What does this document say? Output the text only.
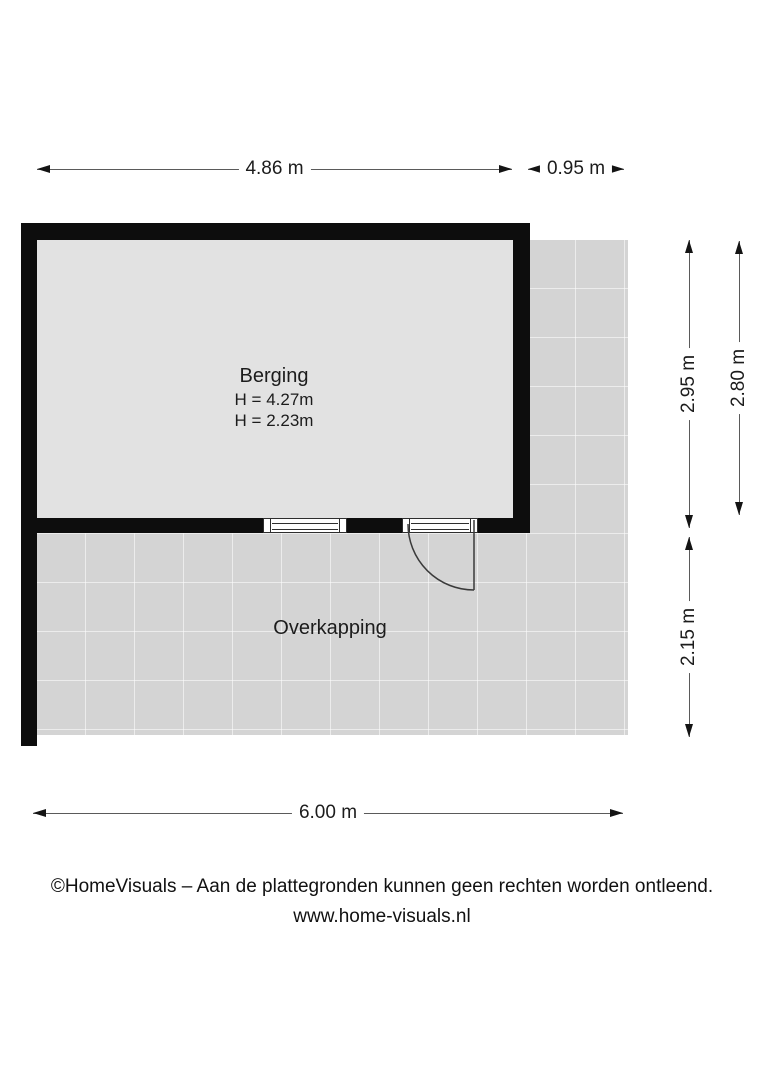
Berging
H = 4.27m
H = 2.23m
Overkapping
4.86 m	0.95 m
2.95 m 2.80 m
2.15 m
6.00 m
©HomeVisuals – Aan de plattegronden kunnen geen rechten worden ontleend.
www.home-visuals.nl
